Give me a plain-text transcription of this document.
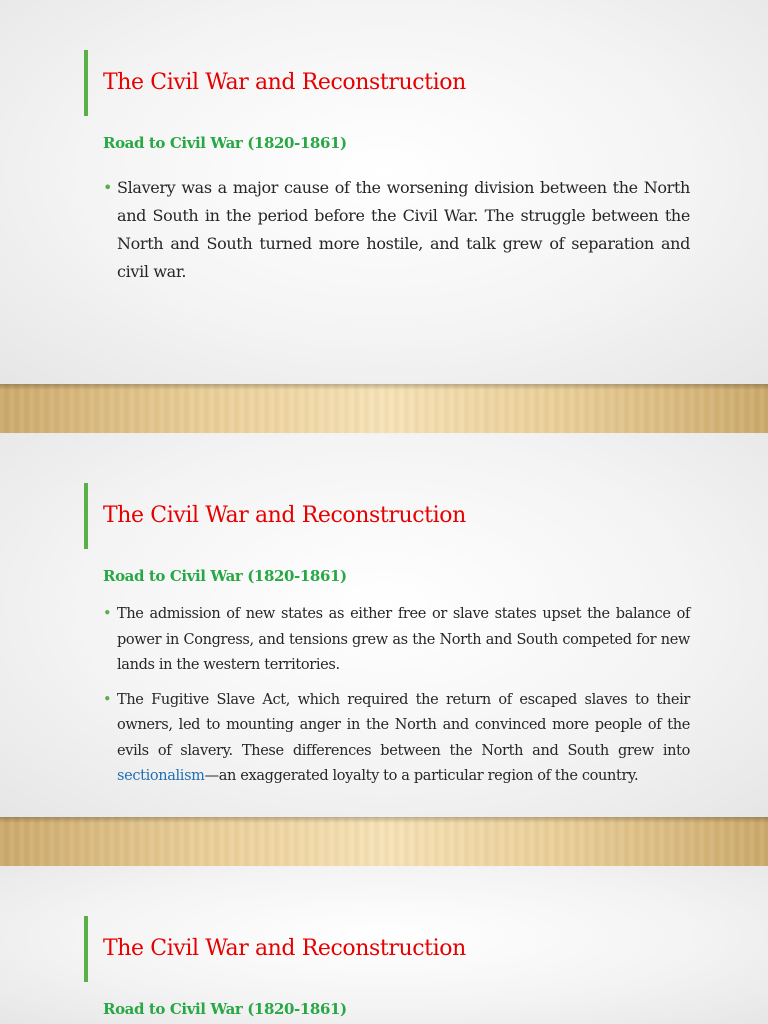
The Civil War and Reconstruction
Road to Civil War (1820-1861)
• Slavery was a major cause of the worsening division between the North and South in the period before the Civil War. The struggle between the North and South turned more hostile, and talk grew of separation and civil war.
The Civil War and Reconstruction
Road to Civil War (1820-1861)
• The admission of new states as either free or slave states upset the balance of power in Congress, and tensions grew as the North and South competed for new lands in the western territories.
• The Fugitive Slave Act, which required the return of escaped slaves to their owners, led to mounting anger in the North and convinced more people of the evils of slavery. These differences between the North and South grew into sectionalism—an exaggerated loyalty to a particular region of the country.
The Civil War and Reconstruction
Road to Civil War (1820-1861)
